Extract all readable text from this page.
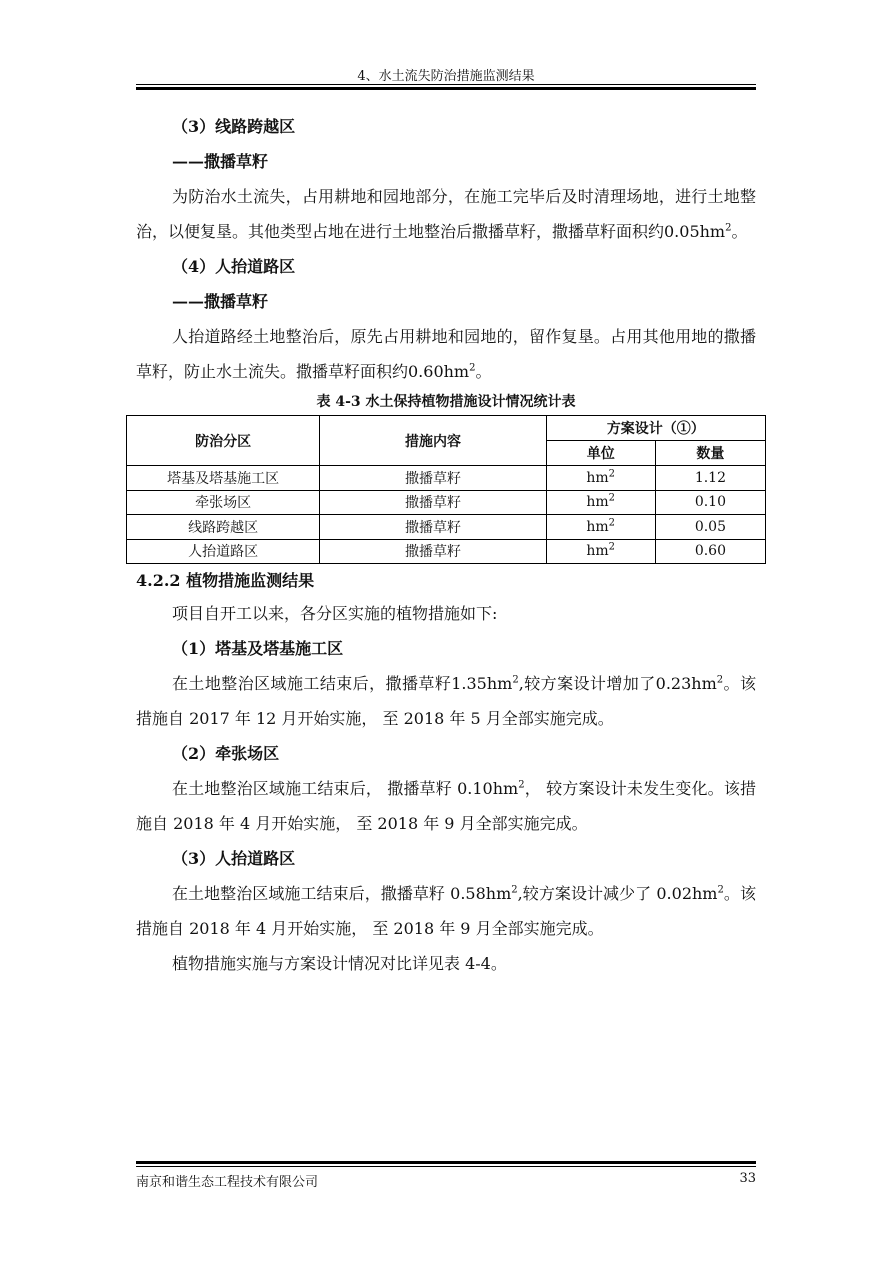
4、水土流失防治措施监测结果

（3）线路跨越区

——撒播草籽

为防治水土流失，占用耕地和园地部分，在施工完毕后及时清理场地，进行土地整治，以便复垦。其他类型占地在进行土地整治后撒播草籽，撒播草籽面积约$0.05hm^2$。

（4）人抬道路区

——撒播草籽

人抬道路经土地整治后，原先占用耕地和园地的，留作复垦。占用其他用地的撒播草籽，防止水土流失。撒播草籽面积约$0.60hm^2$。

表 4-3 水土保持植物措施设计情况统计表

防治分区	措施内容	方案设计（①）	
		单位	数量
塔基及塔基施工区	撒播草籽	$hm^2$	1.12
牵张场区	撒播草籽	$hm^2$	0.10
线路跨越区	撒播草籽	$hm^2$	0.05
人抬道路区	撒播草籽	$hm^2$	0.60

4.2.2 植物措施监测结果

项目自开工以来，各分区实施的植物措施如下:

（1）塔基及塔基施工区

在土地整治区域施工结束后，撒播草籽$1.35hm^2$,较方案设计增加了$0.23hm^2$。该措施自 2017 年 12 月开始实施， 至 2018 年 5 月全部实施完成。

（2）牵张场区

在土地整治区域施工结束后， 撒播草籽 $0.10hm^2$， 较方案设计未发生变化。该措施自 2018 年 4 月开始实施， 至 2018 年 9 月全部实施完成。

（3）人抬道路区

在土地整治区域施工结束后，撒播草籽 $0.58hm^2$,较方案设计减少了 $0.02hm^2$。该措施自 2018 年 4 月开始实施， 至 2018 年 9 月全部实施完成。

植物措施实施与方案设计情况对比详见表 4-4。

南京和谐生态工程技术有限公司	33
